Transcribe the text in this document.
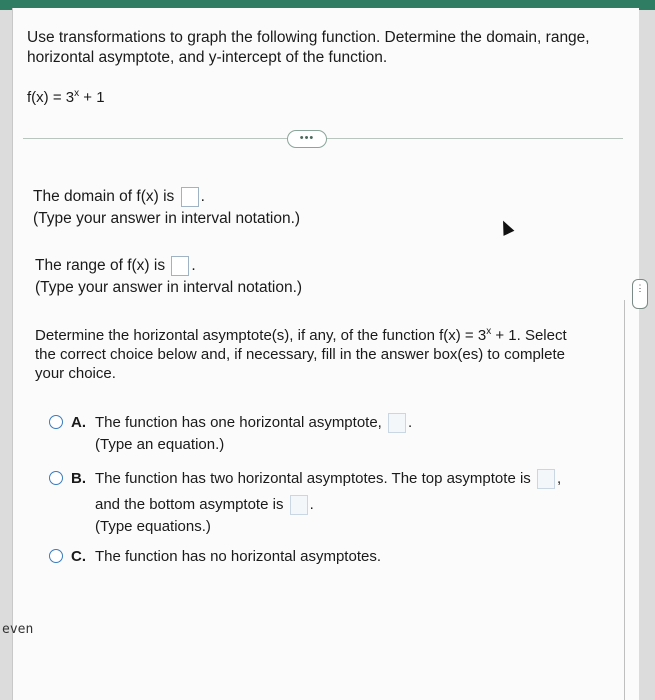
Use transformations to graph the following function. Determine the domain, range, horizontal asymptote, and y-intercept of the function.
$f(x) = 3^x + 1$
•••
The domain of f(x) is .
(Type your answer in interval notation.)
The range of f(x) is .
(Type your answer in interval notation.)
Determine the horizontal asymptote(s), if any, of the function $f(x) = 3^x + 1$. Select
the correct choice below and, if necessary, fill in the answer box(es) to complete
your choice.
A. The function has one horizontal asymptote, .
(Type an equation.)
B. The function has two horizontal asymptotes. The top asymptote is ,
and the bottom asymptote is .
(Type equations.)
C. The function has no horizontal asymptotes.
⋮
even
